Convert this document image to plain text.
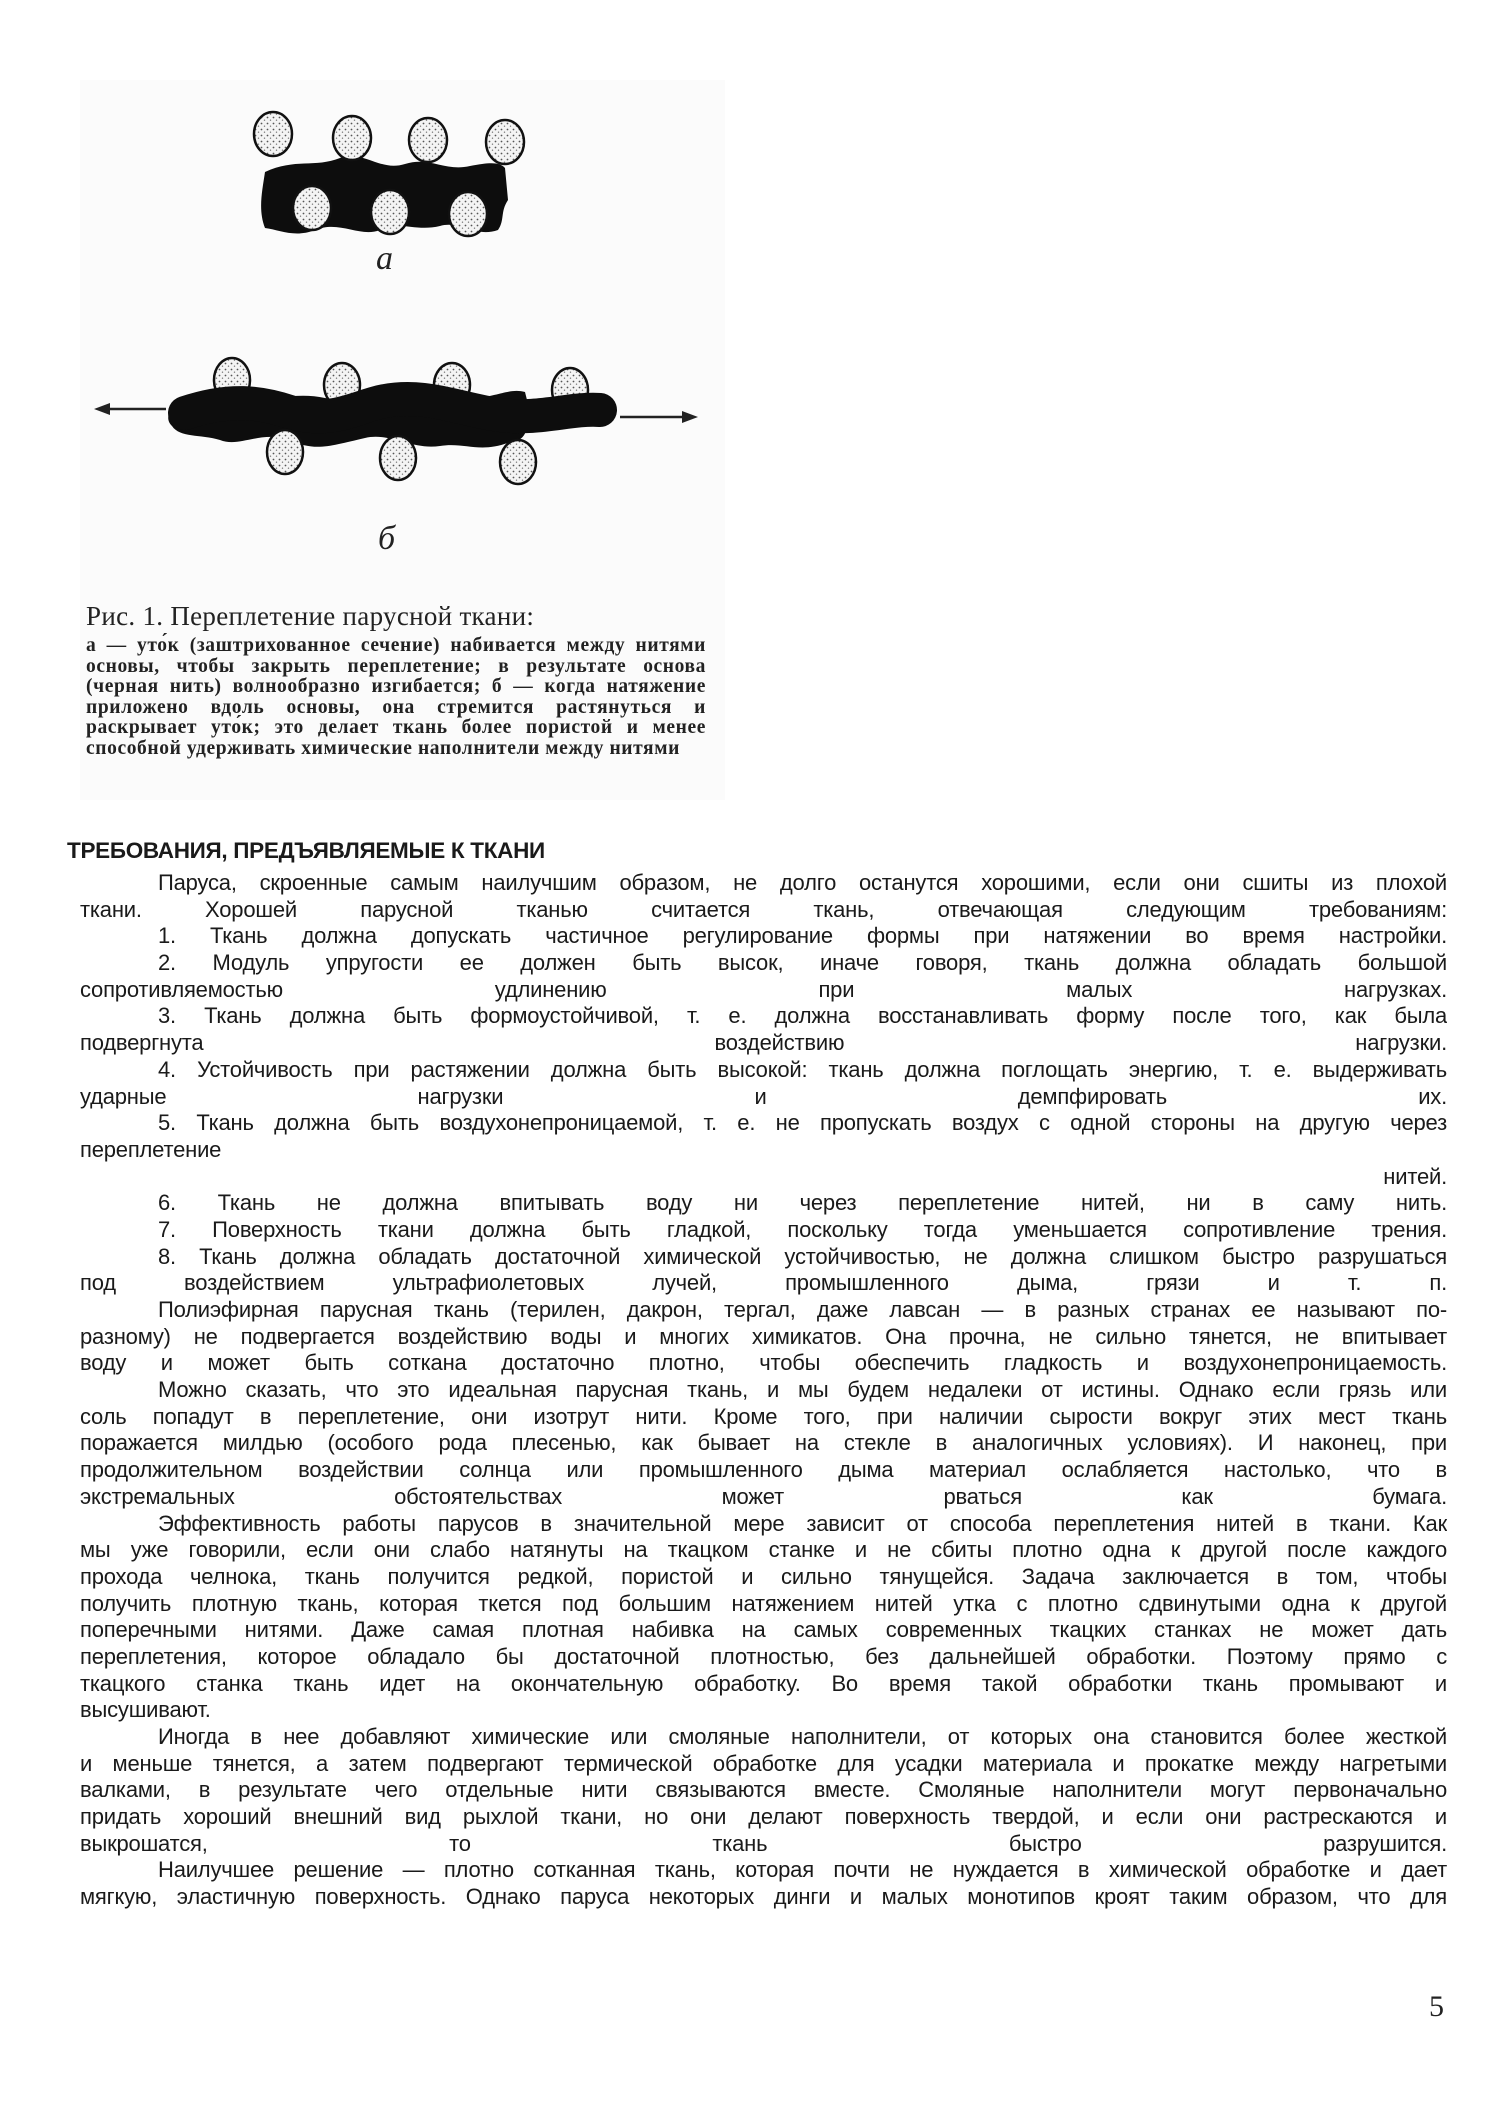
а
б
Рис. 1. Переплетение парусной ткани:
а — уто́к (заштрихованное сечение) набивается между нитями основы, чтобы закрыть переплетение; в результате основа (черная нить) волнообразно изгибается; б — когда натяжение приложено вдоль основы, она стремится растянуться и раскрывает уто́к; это делает ткань более пористой и менее способной удерживать химические наполнители между нитями
ТРЕБОВАНИЯ, ПРЕДЪЯВЛЯЕМЫЕ К ТКАНИ
Паруса, скроенные самым наилучшим образом, не долго останутся хорошими, если они сшиты из плохой
ткани. Хорошей парусной тканью считается ткань, отвечающая следующим требованиям:
1. Ткань должна допускать частичное регулирование формы при натяжении во время настройки.
2. Модуль упругости ее должен быть высок, иначе говоря, ткань должна обладать большой
сопротивляемостью удлинению при малых нагрузках.
3. Ткань должна быть формоустойчивой, т. е. должна восстанавливать форму после того, как была
подвергнута воздействию нагрузки.
4. Устойчивость при растяжении должна быть высокой: ткань должна поглощать энергию, т. е. выдерживать
ударные нагрузки и демпфировать их.
5. Ткань должна быть воздухонепроницаемой, т. е. не пропускать воздух с одной стороны на другую через
переплетение
нитей.
6. Ткань не должна впитывать воду ни через переплетение нитей, ни в саму нить.
7. Поверхность ткани должна быть гладкой, поскольку тогда уменьшается сопротивление трения.
8. Ткань должна обладать достаточной химической устойчивостью, не должна слишком быстро разрушаться
под воздействием ультрафиолетовых лучей, промышленного дыма, грязи и т. п.
Полиэфирная парусная ткань (терилен, дакрон, тергал, даже лавсан — в разных странах ее называют по-
разному) не подвергается воздействию воды и многих химикатов. Она прочна, не сильно тянется, не впитывает
воду и может быть соткана достаточно плотно, чтобы обеспечить гладкость и воздухонепроницаемость.
Можно сказать, что это идеальная парусная ткань, и мы будем недалеки от истины. Однако если грязь или
соль попадут в переплетение, они изотрут нити. Кроме того, при наличии сырости вокруг этих мест ткань
поражается милдью (особого рода плесенью, как бывает на стекле в аналогичных условиях). И наконец, при
продолжительном воздействии солнца или промышленного дыма материал ослабляется настолько, что в
экстремальных обстоятельствах может рваться как бумага.
Эффективность работы парусов в значительной мере зависит от способа переплетения нитей в ткани. Как
мы уже говорили, если они слабо натянуты на ткацком станке и не сбиты плотно одна к другой после каждого
прохода челнока, ткань получится редкой, пористой и сильно тянущейся. Задача заключается в том, чтобы
получить плотную ткань, которая ткется под большим натяжением нитей утка с плотно сдвинутыми одна к другой
поперечными нитями. Даже самая плотная набивка на самых современных ткацких станках не может дать
переплетения, которое обладало бы достаточной плотностью, без дальнейшей обработки. Поэтому прямо с
ткацкого станка ткань идет на окончательную обработку. Во время такой обработки ткань промывают и
высушивают.
Иногда в нее добавляют химические или смоляные наполнители, от которых она становится более жесткой
и меньше тянется, а затем подвергают термической обработке для усадки материала и прокатке между нагретыми
валками, в результате чего отдельные нити связываются вместе. Смоляные наполнители могут первоначально
придать хороший внешний вид рыхлой ткани, но они делают поверхность твердой, и если они растрескаются и
выкрошатся, то ткань быстро разрушится.
Наилучшее решение — плотно сотканная ткань, которая почти не нуждается в химической обработке и дает
мягкую, эластичную поверхность. Однако паруса некоторых динги и малых монотипов кроят таким образом, что для
5
